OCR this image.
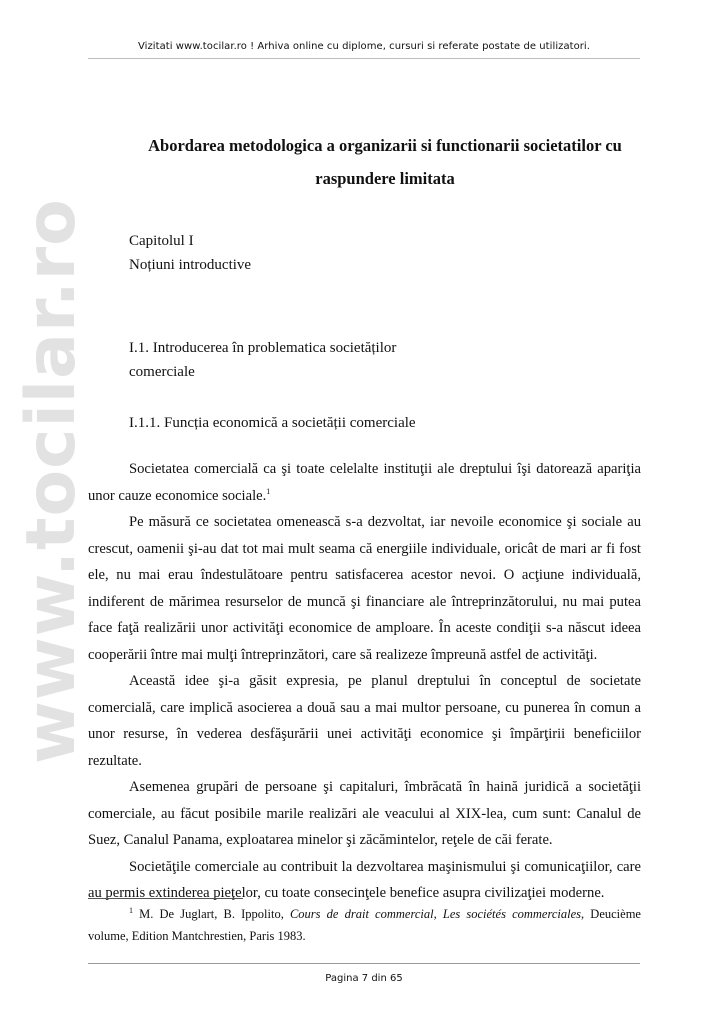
Vizitati www.tocilar.ro ! Arhiva online cu diplome, cursuri si referate postate de utilizatori.
www.tocilar.ro
Abordarea metodologica a organizarii si functionarii societatilor cu
raspundere limitata
Capitolul I
Noțiuni introductive
I.1. Introducerea în problematica societăților
comerciale
I.1.1. Funcția economică a societății comerciale

Societatea comercială ca şi toate celelalte instituţii ale dreptului îşi datorează apariţia unor cauze economice sociale.$^1$

Pe măsură ce societatea omenească s-a dezvoltat, iar nevoile economice şi sociale au crescut, oamenii şi-au dat tot mai mult seama că energiile individuale, oricât de mari ar fi fost ele, nu mai erau îndestulătoare pentru satisfacerea acestor nevoi. O acţiune individuală, indiferent de mărimea resurselor de muncă şi financiare ale întreprinzătorului, nu mai putea face faţă realizării unor activităţi economice de amploare. În aceste condiţii s-a născut ideea cooperării între mai mulţi întreprinzători, care să realizeze împreună astfel de activităţi.

Această idee şi-a găsit expresia, pe planul dreptului în conceptul de societate comercială, care implică asocierea a două sau a mai multor persoane, cu punerea în comun a unor resurse, în vederea desfăşurării unei activităţi economice şi împărţirii beneficiilor rezultate.

Asemenea grupări de persoane şi capitaluri, îmbrăcată în haină juridică a societăţii comerciale, au făcut posibile marile realizări ale veacului al XIX-lea, cum sunt: Canalul de Suez, Canalul Panama, exploatarea minelor şi zăcămintelor, reţele de căi ferate.

Societăţile comerciale au contribuit la dezvoltarea maşinismului şi comunicaţiilor, care au permis extinderea pieţelor, cu toate consecinţele benefice asupra civilizaţiei moderne.

$^1$ M. De Juglart, B. Ippolito, Cours de drait commercial, Les sociétés commerciales, Deucième volume, Edition Mantchrestien, Paris 1983.
Pagina 7 din 65
